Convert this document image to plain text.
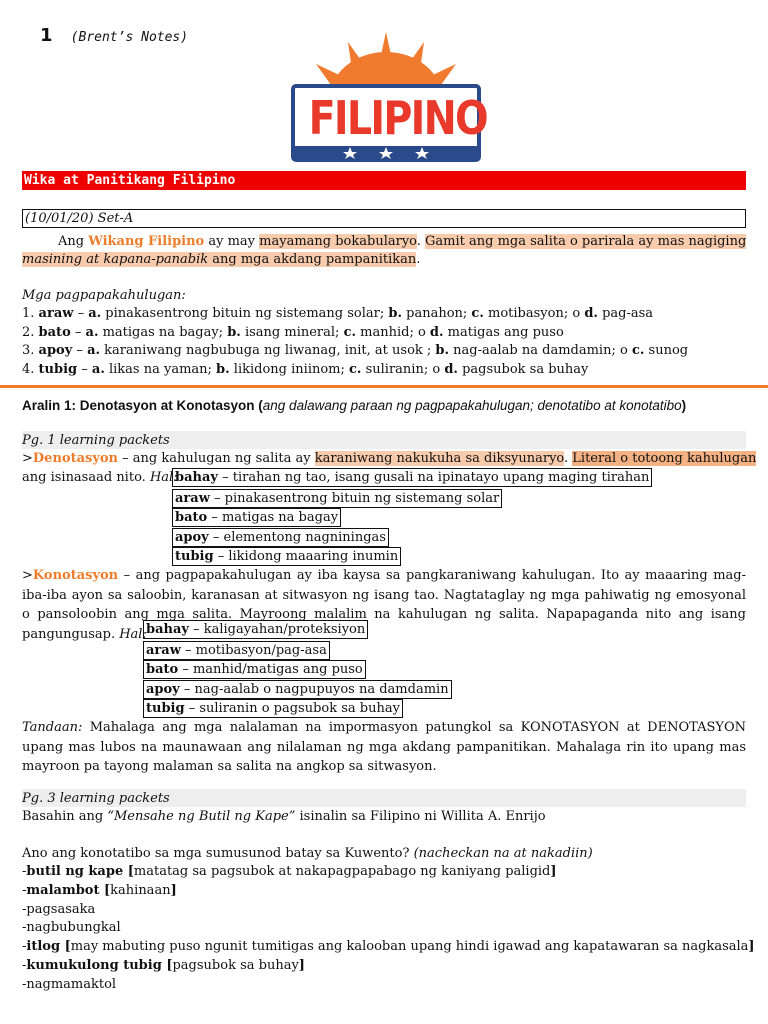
1 (Brent’s Notes)
FILIPINO
Wika at Panitikang Filipino
(10/01/20) Set-A
Ang Wikang Filipino ay may mayamang bokabularyo. Gamit ang mga salita o parirala ay mas nagiging
masining at kapana-panabik ang mga akdang pampanitikan.
Mga pagpapakahulugan:
1. araw – a. pinakasentrong bituin ng sistemang solar; b. panahon; c. motibasyon; o d. pag-asa
2. bato – a. matigas na bagay; b. isang mineral; c. manhid; o d. matigas ang puso
3. apoy – a. karaniwang nagbubuga ng liwanag, init, at usok ; b. nag-aalab na damdamin; o c. sunog
4. tubig – a. likas na yaman; b. likidong iniinom; c. suliranin; o d. pagsubok sa buhay
Aralin 1: Denotasyon at Konotasyon (ang dalawang paraan ng pagpapakahulugan; denotatibo at konotatibo)
Pg. 1 learning packets
>Denotasyon – ang kahulugan ng salita ay karaniwang nakukuha sa diksyunaryo. Literal o totoong kahulugan
ang isinasaad nito. Hal:
bahay – tirahan ng tao, isang gusali na ipinatayo upang maging tirahan
araw – pinakasentrong bituin ng sistemang solar
bato – matigas na bagay
apoy – elementong nagniningas
tubig – likidong maaaring inumin
>Konotasyon – ang pagpapakahulugan ay iba kaysa sa pangkaraniwang kahulugan. Ito ay maaaring mag-iba-iba ayon sa saloobin, karanasan at sitwasyon ng isang tao. Nagtataglay ng mga pahiwatig ng emosyonal o pansoloobin ang mga salita. Mayroong malalim na kahulugan ng salita. Napapaganda nito ang isang pangungusap. Hal: bahay – kaligayahan/proteksiyon
araw – motibasyon/pag-asa
bato – manhid/matigas ang puso
apoy – nag-aalab o nagpupuyos na damdamin
tubig – suliranin o pagsubok sa buhay
Tandaan: Mahalaga ang mga nalalaman na impormasyon patungkol sa KONOTASYON at DENOTASYON upang mas lubos na maunawaan ang nilalaman ng mga akdang pampanitikan. Mahalaga rin ito upang mas mayroon pa tayong malaman sa salita na angkop sa sitwasyon.
Pg. 3 learning packets
Basahin ang “Mensahe ng Butil ng Kape” isinalin sa Filipino ni Willita A. Enrijo
Ano ang konotatibo sa mga sumusunod batay sa Kuwento? (nacheckan na at nakadiin)
-butil ng kape [matatag sa pagsubok at nakapagpapabago ng kaniyang paligid]
-malambot [kahinaan]
-pagsasaka
-nagbubungkal
-itlog [may mabuting puso ngunit tumitigas ang kalooban upang hindi igawad ang kapatawaran sa nagkasala]
-kumukulong tubig [pagsubok sa buhay]
-nagmamaktol
